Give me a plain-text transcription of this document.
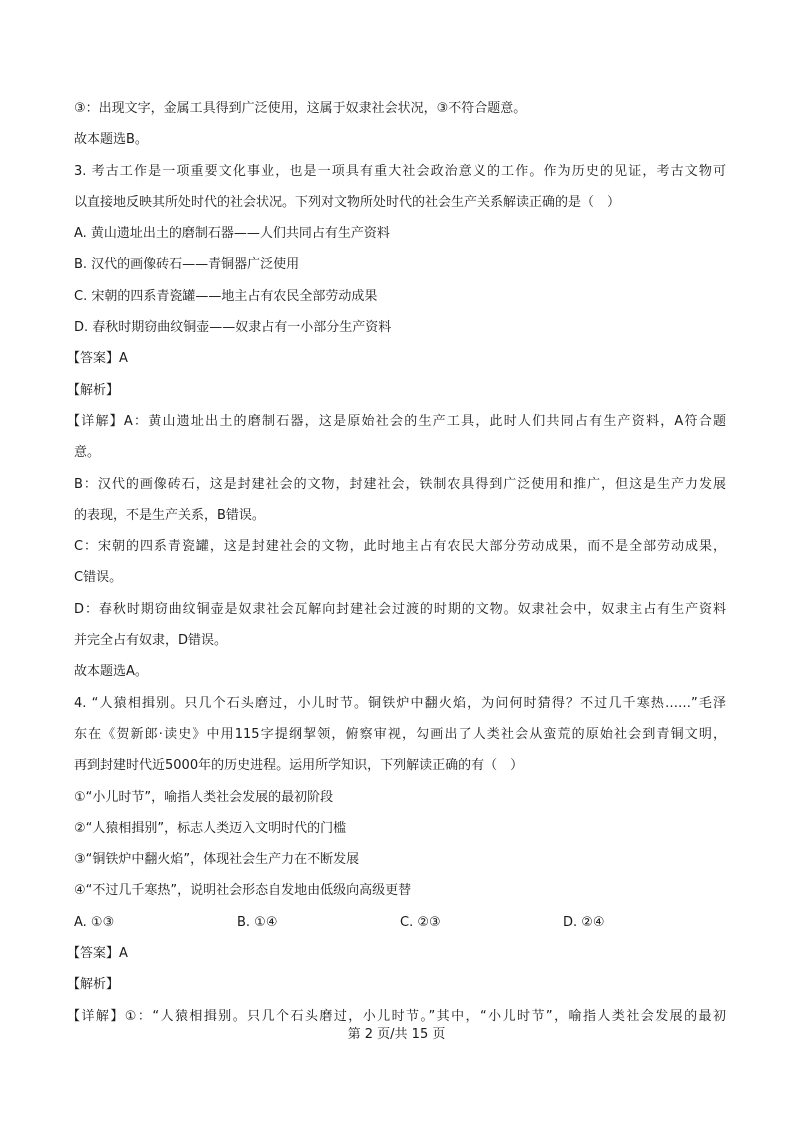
③：出现文字，金属工具得到广泛使用，这属于奴隶社会状况，③不符合题意。
故本题选B。
3. 考古工作是一项重要文化事业，也是一项具有重大社会政治意义的工作。作为历史的见证，考古文物可
以直接地反映其所处时代的社会状况。下列对文物所处时代的社会生产关系解读正确的是（　）
A. 黄山遗址出土的磨制石器——人们共同占有生产资料
B. 汉代的画像砖石——青铜器广泛使用
C. 宋朝的四系青瓷罐——地主占有农民全部劳动成果
D. 春秋时期窃曲纹铜壶——奴隶占有一小部分生产资料
【答案】A
【解析】
【详解】A：黄山遗址出土的磨制石器，这是原始社会的生产工具，此时人们共同占有生产资料，A符合题
意。
B：汉代的画像砖石，这是封建社会的文物，封建社会，铁制农具得到广泛使用和推广，但这是生产力发展
的表现，不是生产关系，B错误。
C：宋朝的四系青瓷罐，这是封建社会的文物，此时地主占有农民大部分劳动成果，而不是全部劳动成果，
C错误。
D：春秋时期窃曲纹铜壶是奴隶社会瓦解向封建社会过渡的时期的文物。奴隶社会中，奴隶主占有生产资料
并完全占有奴隶，D错误。
故本题选A。
4. “人猿相揖别。只几个石头磨过，小儿时节。铜铁炉中翻火焰，为问何时猜得？不过几千寒热……”毛泽
东在《贺新郎·读史》中用115字提纲挈领，俯察审视，勾画出了人类社会从蛮荒的原始社会到青铜文明，
再到封建时代近5000年的历史进程。运用所学知识，下列解读正确的有（　）
①“小儿时节”，喻指人类社会发展的最初阶段
②“人猿相揖别”，标志人类迈入文明时代的门槛
③“铜铁炉中翻火焰”，体现社会生产力在不断发展
④“不过几千寒热”，说明社会形态自发地由低级向高级更替
A. ①③	B. ①④	C. ②③	D. ②④
【答案】A
【解析】
【详解】①：“人猿相揖别。只几个石头磨过，小儿时节。”其中，“小儿时节”，喻指人类社会发展的最初
第 2 页/共 15 页
